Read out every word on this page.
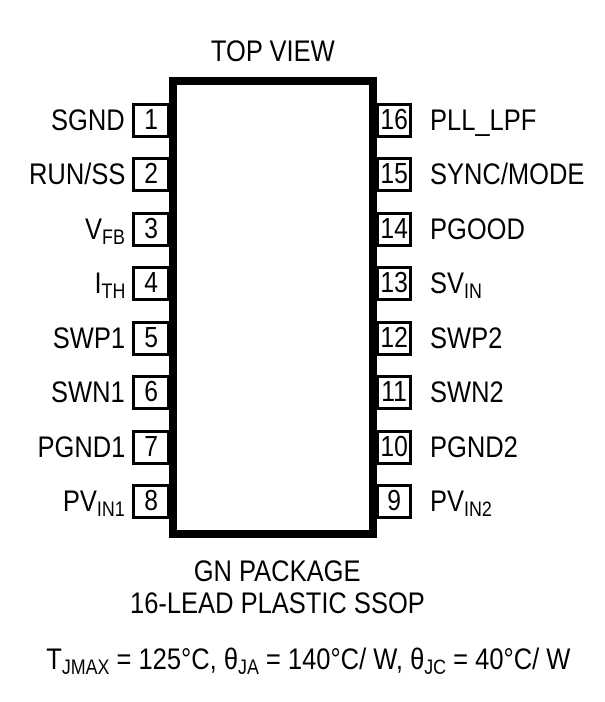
TOP VIEW
1
SGND
2
RUN/SS
3
VFB
4
ITH
5
SWP1
6
SWN1
7
PGND1
8
PVIN1
16 PLL_LPF
15 SYNC/MODE
14 PGOOD
13 SVIN
12 SWP2
11 SWN2
10 PGND2
9 PVIN2
GN PACKAGE
16-LEAD PLASTIC SSOP
TJMAX = 125°C, θJA = 140°C/ W, θJC = 40°C/ W
